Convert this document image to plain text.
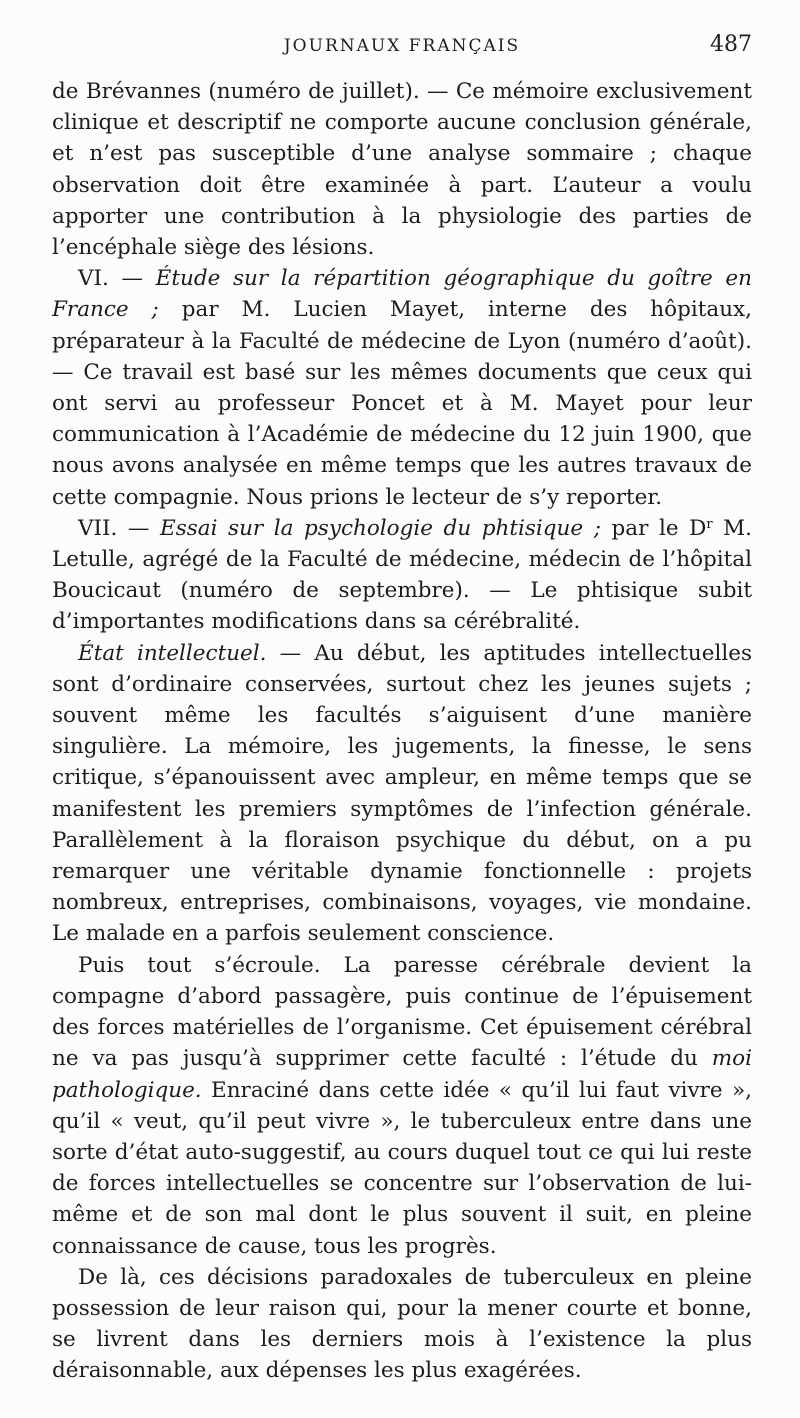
JOURNAUX FRANÇAIS	487

de Brévannes (numéro de juillet). — Ce mémoire exclusivement clinique et descriptif ne comporte aucune conclusion générale, et n’est pas susceptible d’une analyse sommaire ; chaque observation doit être examinée à part. L’auteur a voulu apporter une contribution à la physiologie des parties de l’encéphale siège des lésions.

VI. — Étude sur la répartition géographique du goître en France ; par M. Lucien Mayet, interne des hôpitaux, préparateur à la Faculté de médecine de Lyon (numéro d’août). — Ce travail est basé sur les mêmes documents que ceux qui ont servi au professeur Poncet et à M. Mayet pour leur communication à l’Académie de médecine du 12 juin 1900, que nous avons analysée en même temps que les autres travaux de cette compagnie. Nous prions le lecteur de s’y reporter.

VII. — Essai sur la psychologie du phtisique ; par le $D^r$ M. Letulle, agrégé de la Faculté de médecine, médecin de l’hôpital Boucicaut (numéro de septembre). — Le phtisique subit d’importantes modifications dans sa cérébralité.

État intellectuel. — Au début, les aptitudes intellectuelles sont d’ordinaire conservées, surtout chez les jeunes sujets ; souvent même les facultés s’aiguisent d’une manière singulière. La mémoire, les jugements, la finesse, le sens critique, s’épanouissent avec ampleur, en même temps que se manifestent les premiers symptômes de l’infection générale. Parallèlement à la floraison psychique du début, on a pu remarquer une véritable dynamie fonctionnelle : projets nombreux, entreprises, combinaisons, voyages, vie mondaine. Le malade en a parfois seulement conscience.

Puis tout s’écroule. La paresse cérébrale devient la compagne d’abord passagère, puis continue de l’épuisement des forces matérielles de l’organisme. Cet épuisement cérébral ne va pas jusqu’à supprimer cette faculté : l’étude du moi pathologique. Enraciné dans cette idée « qu’il lui faut vivre », qu’il « veut, qu’il peut vivre », le tuberculeux entre dans une sorte d’état auto-suggestif, au cours duquel tout ce qui lui reste de forces intellectuelles se concentre sur l’observation de lui-même et de son mal dont le plus souvent il suit, en pleine connaissance de cause, tous les progrès.

De là, ces décisions paradoxales de tuberculeux en pleine possession de leur raison qui, pour la mener courte et bonne, se livrent dans les derniers mois à l’existence la plus déraisonnable, aux dépenses les plus exagérées.
